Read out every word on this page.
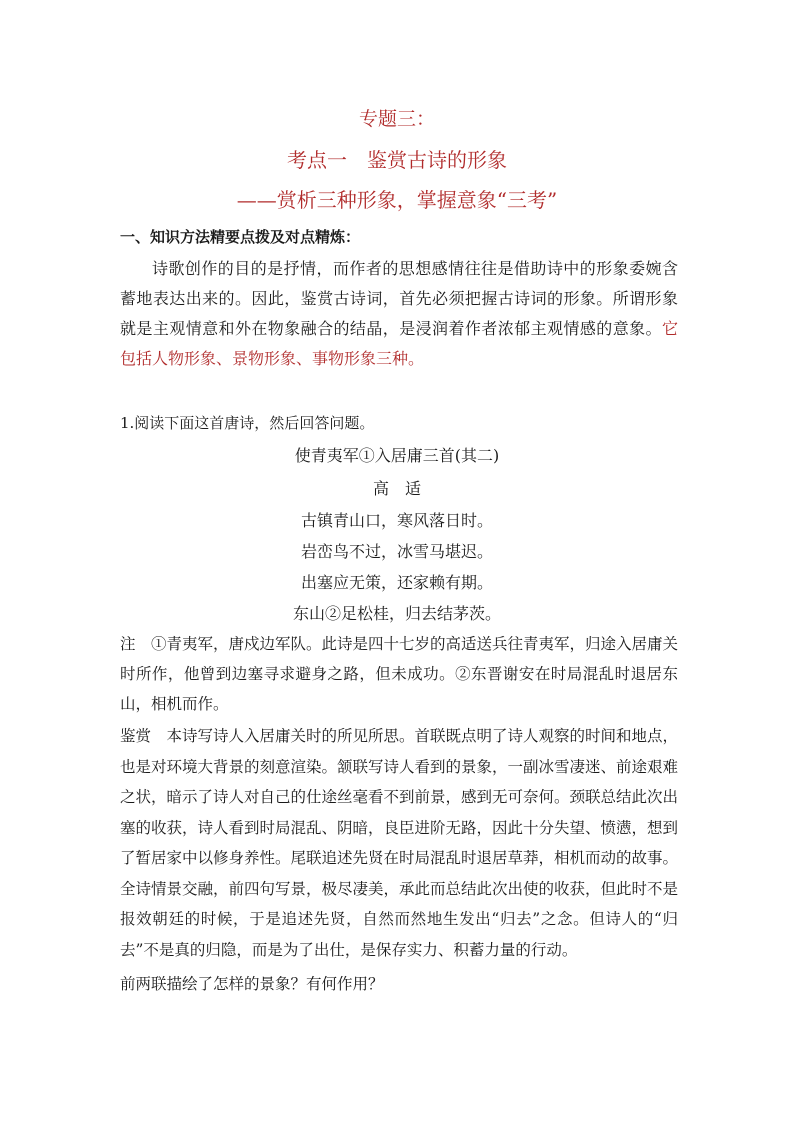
专题三：
考点一　鉴赏古诗的形象
——赏析三种形象，掌握意象“三考”
一、知识方法精要点拨及对点精炼：

诗歌创作的目的是抒情，而作者的思想感情往往是借助诗中的形象委婉含蓄地表达出来的。因此，鉴赏古诗词，首先必须把握古诗词的形象。所谓形象就是主观情意和外在物象融合的结晶，是浸润着作者浓郁主观情感的意象。它包括人物形象、景物形象、事物形象三种。

1.阅读下面这首唐诗，然后回答问题。
使青夷军①入居庸三首(其二)
高适
古镇青山口，寒风落日时。
岩峦鸟不过，冰雪马堪迟。
出塞应无策，还家赖有期。
东山②足松桂，归去结茅茨。

注　①青夷军，唐戍边军队。此诗是四十七岁的高适送兵往青夷军，归途入居庸关时所作，他曾到边塞寻求避身之路，但未成功。②东晋谢安在时局混乱时退居东山，相机而作。

鉴赏　本诗写诗人入居庸关时的所见所思。首联既点明了诗人观察的时间和地点，也是对环境大背景的刻意渲染。颔联写诗人看到的景象，一副冰雪凄迷、前途艰难之状，暗示了诗人对自己的仕途丝毫看不到前景，感到无可奈何。颈联总结此次出塞的收获，诗人看到时局混乱、阴暗，良臣进阶无路，因此十分失望、愤懑，想到了暂居家中以修身养性。尾联追述先贤在时局混乱时退居草莽，相机而动的故事。全诗情景交融，前四句写景，极尽凄美，承此而总结此次出使的收获，但此时不是报效朝廷的时候，于是追述先贤，自然而然地生发出“归去”之念。但诗人的“归去”不是真的归隐，而是为了出仕，是保存实力、积蓄力量的行动。

前两联描绘了怎样的景象？有何作用？
